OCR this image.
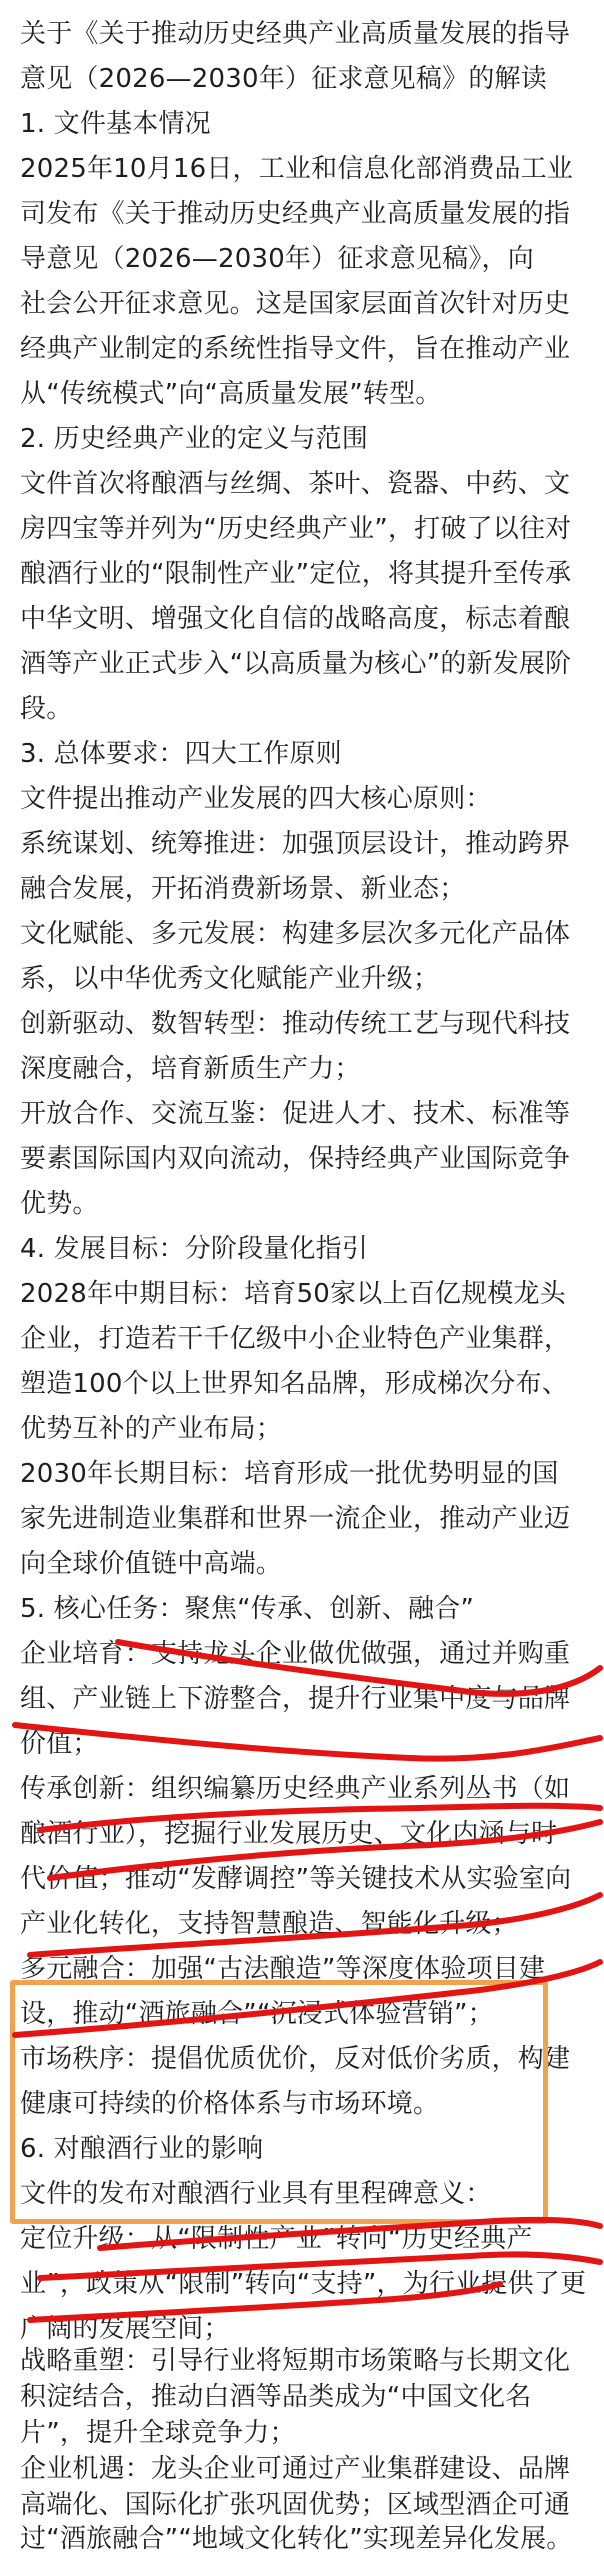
关于《关于推动历史经典产业高质量发展的指导
意见（2026—2030年）征求意见稿》的解读
1. 文件基本情况
2025年10月16日，工业和信息化部消费品工业
司发布《关于推动历史经典产业高质量发展的指
导意见（2026—2030年）征求意见稿》，向
社会公开征求意见。这是国家层面首次针对历史
经典产业制定的系统性指导文件，旨在推动产业
从“传统模式”向“高质量发展”转型。
2. 历史经典产业的定义与范围
文件首次将酿酒与丝绸、茶叶、瓷器、中药、文
房四宝等并列为“历史经典产业”，打破了以往对
酿酒行业的“限制性产业”定位，将其提升至传承
中华文明、增强文化自信的战略高度，标志着酿
酒等产业正式步入“以高质量为核心”的新发展阶
段。
3. 总体要求：四大工作原则
文件提出推动产业发展的四大核心原则：
系统谋划、统筹推进：加强顶层设计，推动跨界
融合发展，开拓消费新场景、新业态；
文化赋能、多元发展：构建多层次多元化产品体
系，以中华优秀文化赋能产业升级；
创新驱动、数智转型：推动传统工艺与现代科技
深度融合，培育新质生产力；
开放合作、交流互鉴：促进人才、技术、标准等
要素国际国内双向流动，保持经典产业国际竞争
优势。
4. 发展目标：分阶段量化指引
2028年中期目标：培育50家以上百亿规模龙头
企业，打造若干千亿级中小企业特色产业集群，
塑造100个以上世界知名品牌，形成梯次分布、
优势互补的产业布局；
2030年长期目标：培育形成一批优势明显的国
家先进制造业集群和世界一流企业，推动产业迈
向全球价值链中高端。
5. 核心任务：聚焦“传承、创新、融合”
企业培育：支持龙头企业做优做强，通过并购重
组、产业链上下游整合，提升行业集中度与品牌
价值；
传承创新：组织编纂历史经典产业系列丛书（如
酿酒行业），挖掘行业发展历史、文化内涵与时
代价值；推动“发酵调控”等关键技术从实验室向
产业化转化，支持智慧酿造、智能化升级；
多元融合：加强“古法酿造”等深度体验项目建
设，推动“酒旅融合”“沉浸式体验营销”；
市场秩序：提倡优质优价，反对低价劣质，构建
健康可持续的价格体系与市场环境。
6. 对酿酒行业的影响
文件的发布对酿酒行业具有里程碑意义：
定位升级：从“限制性产业”转向“历史经典产
业”，政策从“限制”转向“支持”，为行业提供了更
广阔的发展空间；
战略重塑：引导行业将短期市场策略与长期文化
积淀结合，推动白酒等品类成为“中国文化名
片”，提升全球竞争力；
企业机遇：龙头企业可通过产业集群建设、品牌
高端化、国际化扩张巩固优势；区域型酒企可通
过“酒旅融合”“地域文化转化”实现差异化发展。
